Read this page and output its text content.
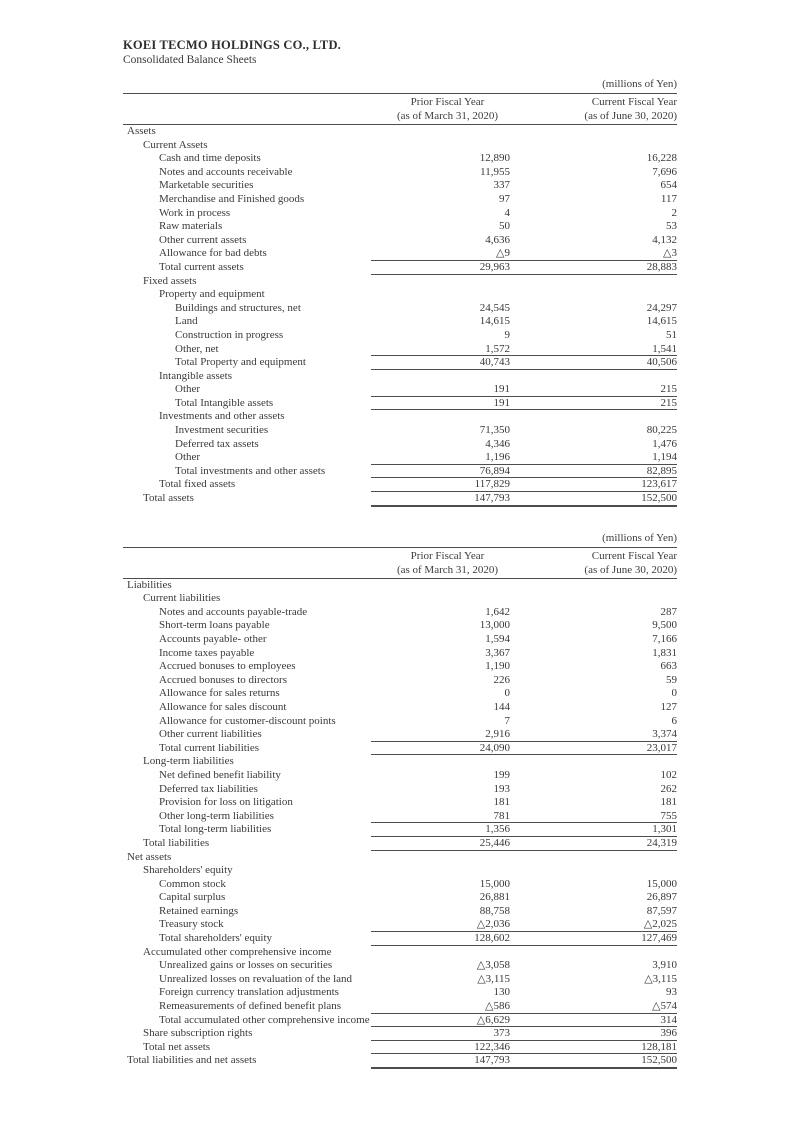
KOEI TECMO HOLDINGS CO., LTD.
Consolidated Balance Sheets
(millions of Yen)
Prior Fiscal Year
(as of March 31, 2020)
Current Fiscal Year
(as of June 30, 2020)
Assets
Current Assets
Cash and time deposits	12,890	16,228
Notes and accounts receivable	11,955	7,696
Marketable securities	337	654
Merchandise and Finished goods	97	117
Work in process	4	2
Raw materials	50	53
Other current assets	4,636	4,132
Allowance for bad debts	△9	△3
Total current assets	29,963	28,883
Fixed assets
Property and equipment
Buildings and structures, net	24,545	24,297
Land	14,615	14,615
Construction in progress	9	51
Other, net	1,572	1,541
Total Property and equipment	40,743	40,506
Intangible assets
Other	191	215
Total Intangible assets	191	215
Investments and other assets
Investment securities	71,350	80,225
Deferred tax assets	4,346	1,476
Other	1,196	1,194
Total investments and other assets	76,894	82,895
Total fixed assets	117,829	123,617
Total assets	147,793	152,500
(millions of Yen)
Prior Fiscal Year
(as of March 31, 2020)
Current Fiscal Year
(as of June 30, 2020)
Liabilities
Current liabilities
Notes and accounts payable-trade	1,642	287
Short-term loans payable	13,000	9,500
Accounts payable- other	1,594	7,166
Income taxes payable	3,367	1,831
Accrued bonuses to employees	1,190	663
Accrued bonuses to directors	226	59
Allowance for sales returns	0	0
Allowance for sales discount	144	127
Allowance for customer-discount points	7	6
Other current liabilities	2,916	3,374
Total current liabilities	24,090	23,017
Long-term liabilities
Net defined benefit liability	199	102
Deferred tax liabilities	193	262
Provision for loss on litigation	181	181
Other long-term liabilities	781	755
Total long-term liabilities	1,356	1,301
Total liabilities	25,446	24,319
Net assets
Shareholders' equity
Common stock	15,000	15,000
Capital surplus	26,881	26,897
Retained earnings	88,758	87,597
Treasury stock	△2,036	△2,025
Total shareholders' equity	128,602	127,469
Accumulated other comprehensive income
Unrealized gains or losses on securities	△3,058	3,910
Unrealized losses on revaluation of the land	△3,115	△3,115
Foreign currency translation adjustments	130	93
Remeasurements of defined benefit plans	△586	△574
Total accumulated other comprehensive income	△6,629	314
Share subscription rights	373	396
Total net assets	122,346	128,181
Total liabilities and net assets	147,793	152,500
